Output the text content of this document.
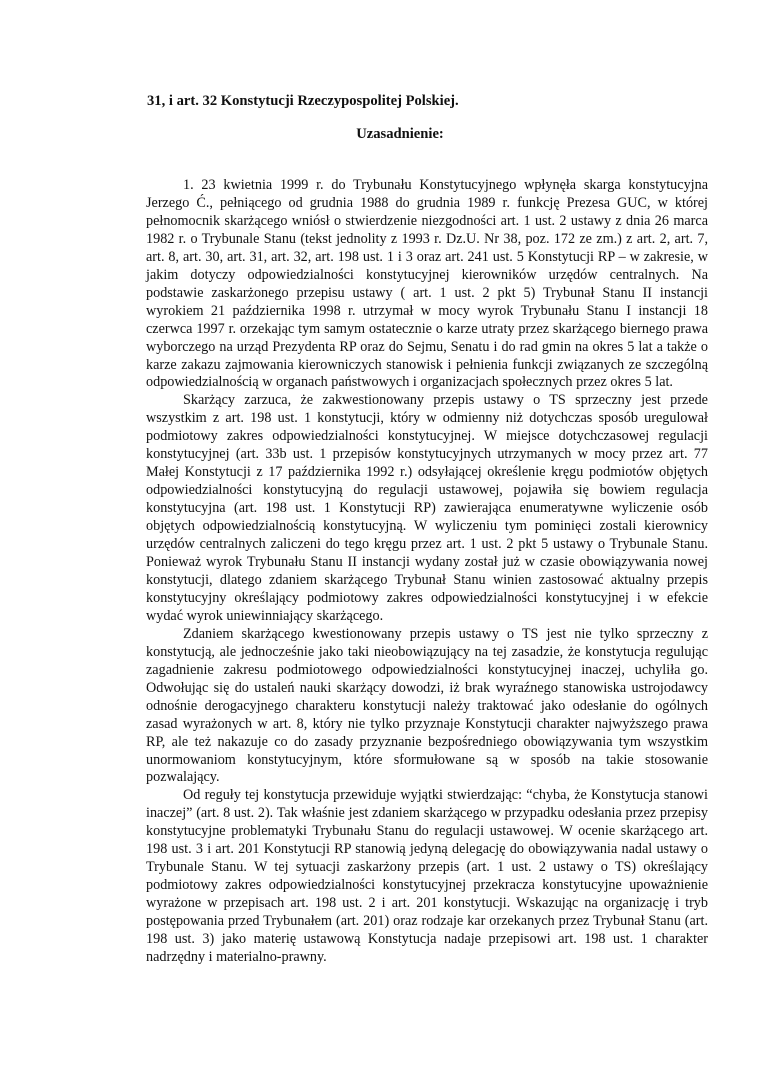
31, i art. 32 Konstytucji Rzeczypospolitej Polskiej.
Uzasadnienie:

1. 23 kwietnia 1999 r. do Trybunału Konstytucyjnego wpłynęła skarga konstytucyjna Jerzego Ć., pełniącego od grudnia 1988 do grudnia 1989 r. funkcję Prezesa GUC, w której pełnomocnik skarżącego wniósł o stwierdzenie niezgodności art. 1 ust. 2 ustawy z dnia 26 marca 1982 r. o Trybunale Stanu (tekst jednolity z 1993 r. Dz.U. Nr 38, poz. 172 ze zm.) z art. 2, art. 7, art. 8, art. 30, art. 31, art. 32, art. 198 ust. 1 i 3 oraz art. 241 ust. 5 Konstytucji RP – w zakresie, w jakim dotyczy odpowiedzialności konstytucyjnej kierowników urzędów centralnych. Na podstawie zaskarżonego przepisu ustawy ( art. 1 ust. 2 pkt 5) Trybunał Stanu II instancji wyrokiem 21 października 1998 r. utrzymał w mocy wyrok Trybunału Stanu I instancji 18 czerwca 1997 r. orzekając tym samym ostatecznie o karze utraty przez skarżącego biernego prawa wyborczego na urząd Prezydenta RP oraz do Sejmu, Senatu i do rad gmin na okres 5 lat a także o karze zakazu zajmowania kierowniczych stanowisk i pełnienia funkcji związanych ze szczególną odpowiedzialnością w organach państwowych i organizacjach społecznych przez okres 5 lat.

Skarżący zarzuca, że zakwestionowany przepis ustawy o TS sprzeczny jest przede wszystkim z art. 198 ust. 1 konstytucji, który w odmienny niż dotychczas sposób uregulował podmiotowy zakres odpowiedzialności konstytucyjnej. W miejsce dotychczasowej regulacji konstytucyjnej (art. 33b ust. 1 przepisów konstytucyjnych utrzymanych w mocy przez art. 77 Małej Konstytucji z 17 października 1992 r.) odsyłającej określenie kręgu podmiotów objętych odpowiedzialności konstytucyjną do regulacji ustawowej, pojawiła się bowiem regulacja konstytucyjna (art. 198 ust. 1 Konstytucji RP) zawierająca enumeratywne wyliczenie osób objętych odpowiedzialnością konstytucyjną. W wyliczeniu tym pominięci zostali kierownicy urzędów centralnych zaliczeni do tego kręgu przez art. 1 ust. 2 pkt 5 ustawy o Trybunale Stanu. Ponieważ wyrok Trybunału Stanu II instancji wydany został już w czasie obowiązywania nowej konstytucji, dlatego zdaniem skarżącego Trybunał Stanu winien zastosować aktualny przepis konstytucyjny określający podmiotowy zakres odpowiedzialności konstytucyjnej i w efekcie wydać wyrok uniewinniający skarżącego.

Zdaniem skarżącego kwestionowany przepis ustawy o TS jest nie tylko sprzeczny z konstytucją, ale jednocześnie jako taki nieobowiązujący na tej zasadzie, że konstytucja regulując zagadnienie zakresu podmiotowego odpowiedzialności konstytucyjnej inaczej, uchyliła go. Odwołując się do ustaleń nauki skarżący dowodzi, iż brak wyraźnego stanowiska ustrojodawcy odnośnie derogacyjnego charakteru konstytucji należy traktować jako odesłanie do ogólnych zasad wyrażonych w art. 8, który nie tylko przyznaje Konstytucji charakter najwyższego prawa RP, ale też nakazuje co do zasady przyznanie bezpośredniego obowiązywania tym wszystkim unormowaniom konstytucyjnym, które sformułowane są w sposób na takie stosowanie pozwalający.

Od reguły tej konstytucja przewiduje wyjątki stwierdzając: “chyba, że Konstytucja stanowi inaczej” (art. 8 ust. 2). Tak właśnie jest zdaniem skarżącego w przypadku odesłania przez przepisy konstytucyjne problematyki Trybunału Stanu do regulacji ustawowej. W ocenie skarżącego art. 198 ust. 3 i art. 201 Konstytucji RP stanowią jedyną delegację do obowiązywania nadal ustawy o Trybunale Stanu. W tej sytuacji zaskarżony przepis (art. 1 ust. 2 ustawy o TS) określający podmiotowy zakres odpowiedzialności konstytucyjnej przekracza konstytucyjne upoważnienie wyrażone w przepisach art. 198 ust. 2 i art. 201 konstytucji. Wskazując na organizację i tryb postępowania przed Trybunałem (art. 201) oraz rodzaje kar orzekanych przez Trybunał Stanu (art. 198 ust. 3) jako materię ustawową Konstytucja nadaje przepisowi art. 198 ust. 1 charakter nadrzędny i materialno-prawny.
